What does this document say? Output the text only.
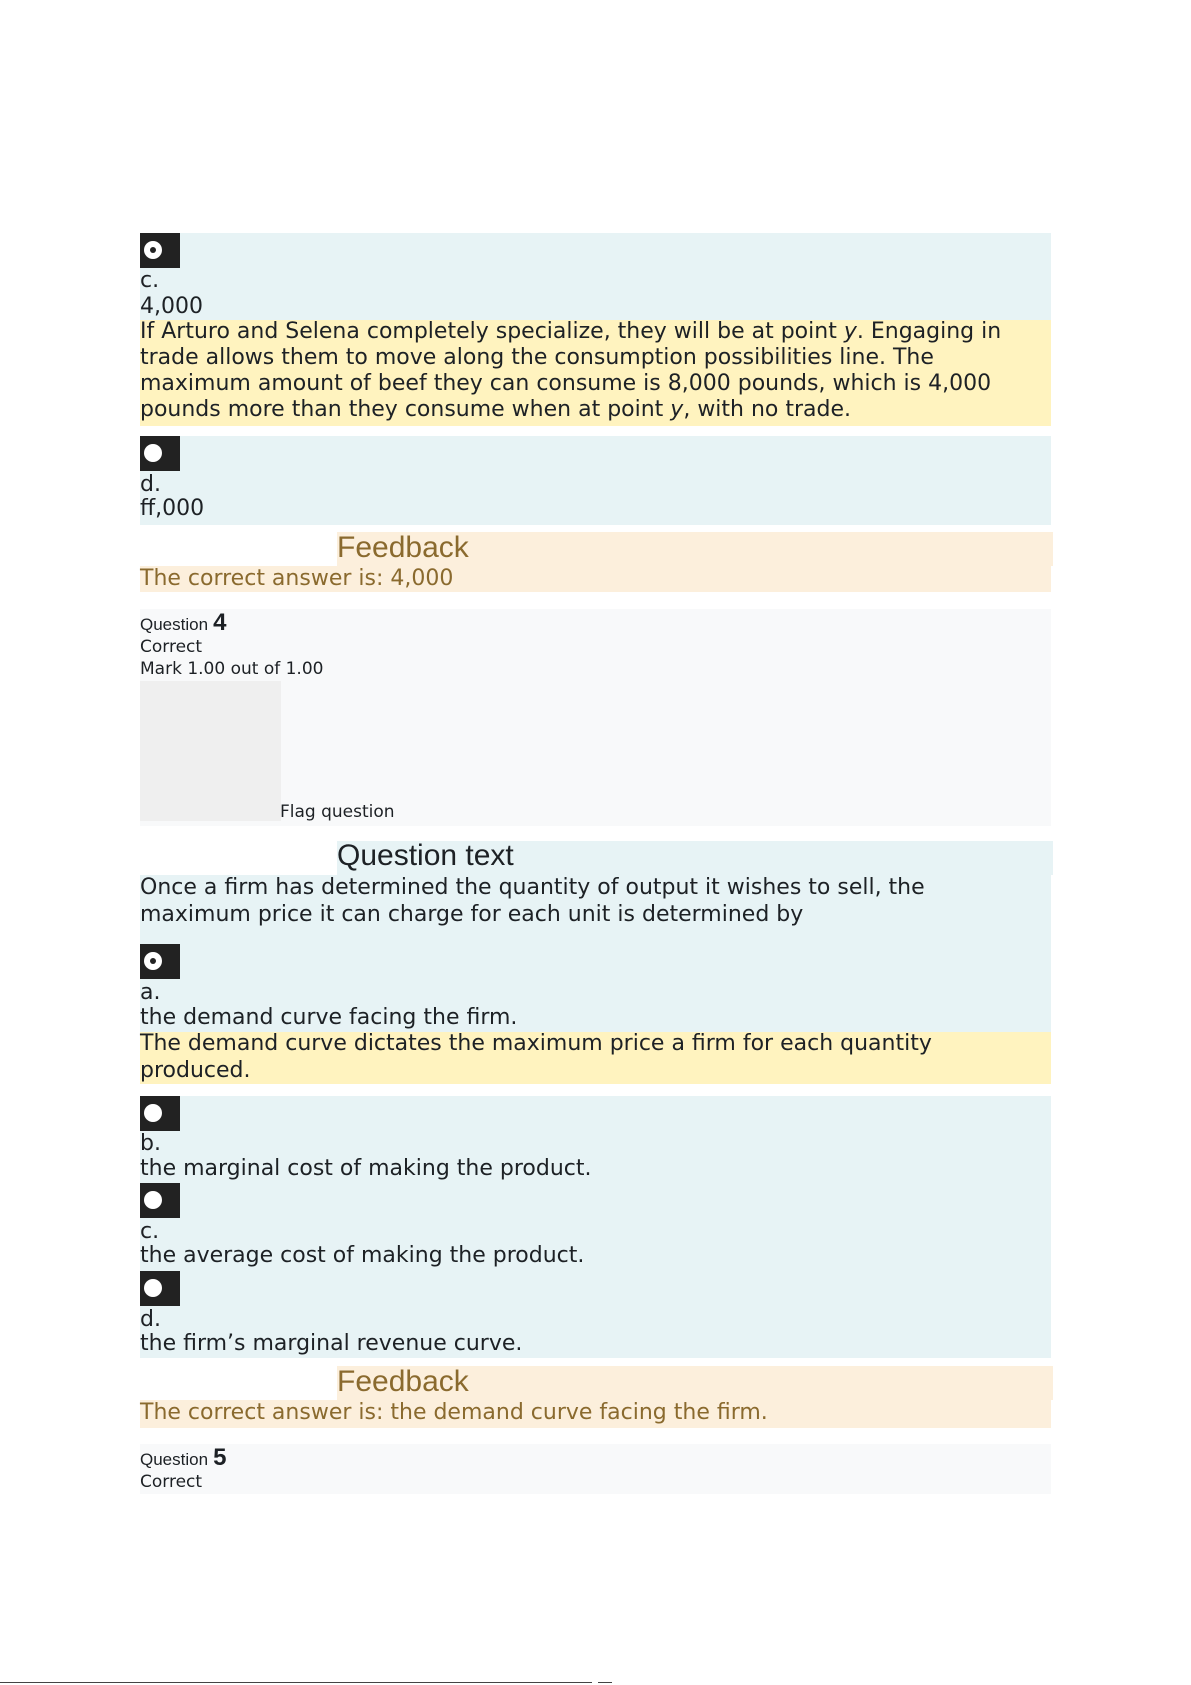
c.
4,000
If Arturo and Selena completely specialize, they will be at point y. Engaging in
trade allows them to move along the consumption possibilities line. The
maximum amount of beef they can consume is 8,000 pounds, which is 4,000
pounds more than they consume when at point y, with no trade.
d.
ff,000
Feedback
The correct answer is: 4,000
Question 4
Correct
Mark 1.00 out of 1.00
Flag question
Question text
Once a firm has determined the quantity of output it wishes to sell, the
maximum price it can charge for each unit is determined by
a.
the demand curve facing the firm.
The demand curve dictates the maximum price a firm for each quantity
produced.
b.
the marginal cost of making the product.
c.
the average cost of making the product.
d.
the firm’s marginal revenue curve.
Feedback
The correct answer is: the demand curve facing the firm.
Question 5
Correct
